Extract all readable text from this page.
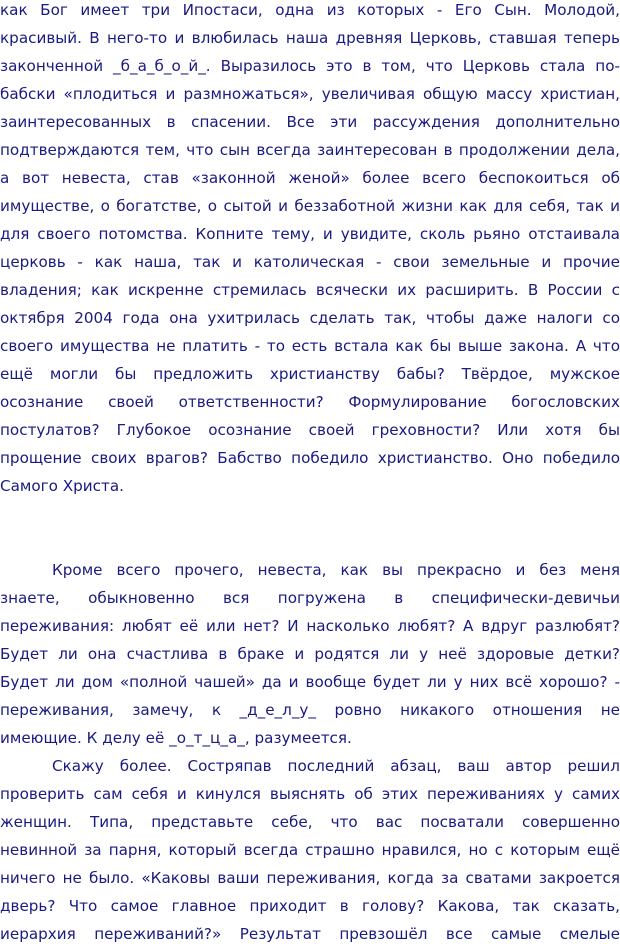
как Бог имеет три Ипостаси, одна из которых - Его Сын. Молодой,
красивый. В него-то и влюбилась наша древняя Церковь, ставшая теперь
законченной _б_а_б_о_й_. Выразилось это в том, что Церковь стала по-
бабски «плодиться и размножаться», увеличивая общую массу христиан,
заинтересованных в спасении. Все эти рассуждения дополнительно
подтверждаются тем, что сын всегда заинтересован в продолжении дела,
а вот невеста, став «законной женой» более всего беспокоиться об
имуществе, о богатстве, о сытой и беззаботной жизни как для себя, так и
для своего потомства. Копните тему, и увидите, сколь рьяно отстаивала
церковь - как наша, так и католическая - свои земельные и прочие
владения; как искренне стремилась всячески их расширить. В России с
октября 2004 года она ухитрилась сделать так, чтобы даже налоги со
своего имущества не платить - то есть встала как бы выше закона. А что
ещё могли бы предложить христианству бабы? Твёрдое, мужское
осознание своей ответственности? Формулирование богословских
постулатов? Глубокое осознание своей греховности? Или хотя бы
прощение своих врагов? Бабство победило христианство. Оно победило
Самого Христа.
Кроме всего прочего, невеста, как вы прекрасно и без меня
знаете, обыкновенно вся погружена в специфически-девичьи
переживания: любят её или нет? И насколько любят? А вдруг разлюбят?
Будет ли она счастлива в браке и родятся ли у неё здоровые детки?
Будет ли дом «полной чашей» да и вообще будет ли у них всё хорошо? -
переживания, замечу, к _д_е_л_у_ ровно никакого отношения не
имеющие. К делу её _о_т_ц_а_, разумеется.
Скажу более. Состряпав последний абзац, ваш автор решил
проверить сам себя и кинулся выяснять об этих переживаниях у самих
женщин. Типа, представьте себе, что вас посватали совершенно
невинной за парня, который всегда страшно нравился, но с которым ещё
ничего не было. «Каковы ваши переживания, когда за сватами закроется
дверь? Что самое главное приходит в голову? Какова, так сказать,
иерархия переживаний?» Результат превзошёл все самые смелые
